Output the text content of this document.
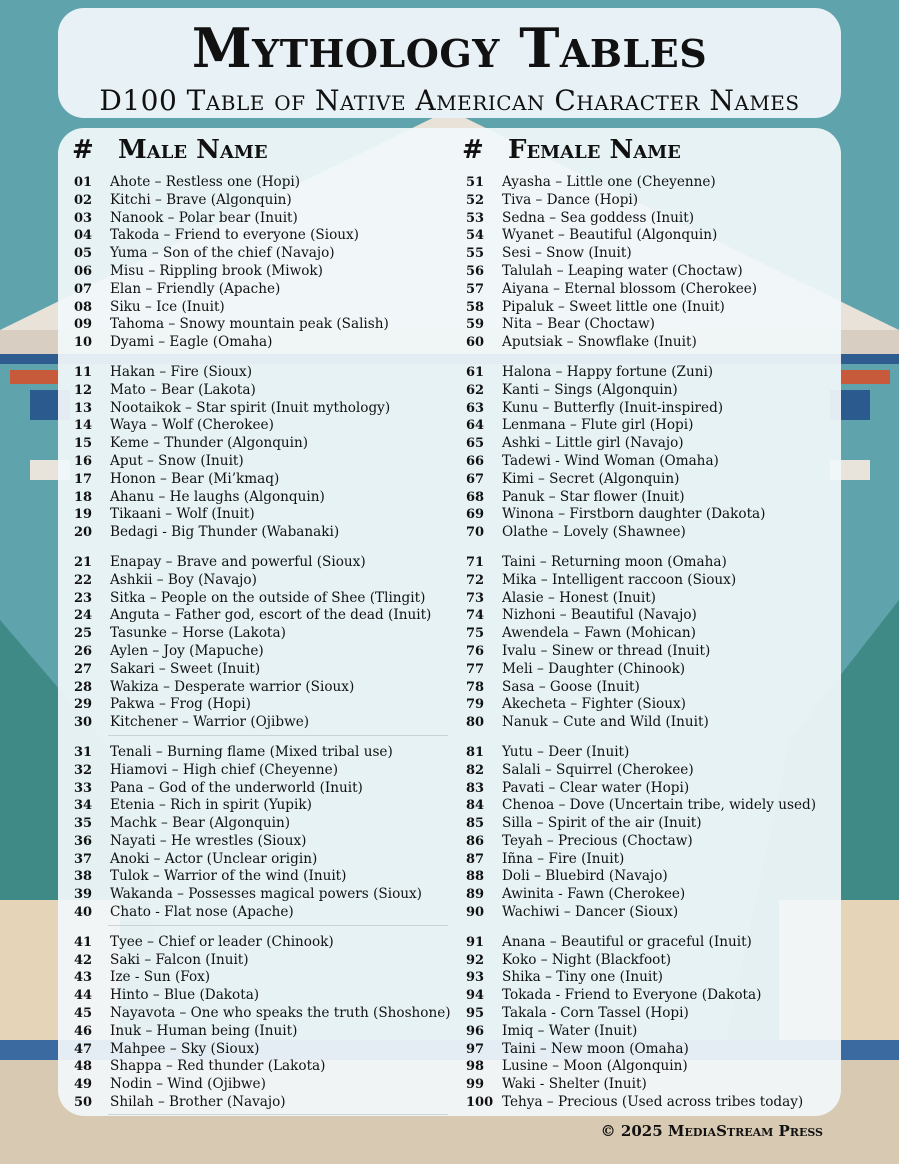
Mythology Tables
D100 Table of Native American Character Names
# Male Name	# Female Name
01 Ahote – Restless one (Hopi)
02 Kitchi – Brave (Algonquin)
03 Nanook – Polar bear (Inuit)
04 Takoda – Friend to everyone (Sioux)
05 Yuma – Son of the chief (Navajo)
06 Misu – Rippling brook (Miwok)
07 Elan – Friendly (Apache)
08 Siku – Ice (Inuit)
09 Tahoma – Snowy mountain peak (Salish)
10 Dyami – Eagle (Omaha)
11 Hakan – Fire (Sioux)
12 Mato – Bear (Lakota)
13 Nootaikok – Star spirit (Inuit mythology)
14 Waya – Wolf (Cherokee)
15 Keme – Thunder (Algonquin)
16 Aput – Snow (Inuit)
17 Honon – Bear (Mi’kmaq)
18 Ahanu – He laughs (Algonquin)
19 Tikaani – Wolf (Inuit)
20 Bedagi - Big Thunder (Wabanaki)
21 Enapay – Brave and powerful (Sioux)
22 Ashkii – Boy (Navajo)
23 Sitka – People on the outside of Shee (Tlingit)
24 Anguta – Father god, escort of the dead (Inuit)
25 Tasunke – Horse (Lakota)
26 Aylen – Joy (Mapuche)
27 Sakari – Sweet (Inuit)
28 Wakiza – Desperate warrior (Sioux)
29 Pakwa – Frog (Hopi)
30 Kitchener – Warrior (Ojibwe)
31 Tenali – Burning flame (Mixed tribal use)
32 Hiamovi – High chief (Cheyenne)
33 Pana – God of the underworld (Inuit)
34 Etenia – Rich in spirit (Yupik)
35 Machk – Bear (Algonquin)
36 Nayati – He wrestles (Sioux)
37 Anoki – Actor (Unclear origin)
38 Tulok – Warrior of the wind (Inuit)
39 Wakanda – Possesses magical powers (Sioux)
40 Chato - Flat nose (Apache)
41 Tyee – Chief or leader (Chinook)
42 Saki – Falcon (Inuit)
43 Ize - Sun (Fox)
44 Hinto – Blue (Dakota)
45 Nayavota – One who speaks the truth (Shoshone)
46 Inuk – Human being (Inuit)
47 Mahpee – Sky (Sioux)
48 Shappa – Red thunder (Lakota)
49 Nodin – Wind (Ojibwe)
50 Shilah – Brother (Navajo)
51 Ayasha – Little one (Cheyenne)
52 Tiva – Dance (Hopi)
53 Sedna – Sea goddess (Inuit)
54 Wyanet – Beautiful (Algonquin)
55 Sesi – Snow (Inuit)
56 Talulah – Leaping water (Choctaw)
57 Aiyana – Eternal blossom (Cherokee)
58 Pipaluk – Sweet little one (Inuit)
59 Nita – Bear (Choctaw)
60 Aputsiak – Snowflake (Inuit)
61 Halona – Happy fortune (Zuni)
62 Kanti – Sings (Algonquin)
63 Kunu – Butterfly (Inuit-inspired)
64 Lenmana – Flute girl (Hopi)
65 Ashki – Little girl (Navajo)
66 Tadewi - Wind Woman (Omaha)
67 Kimi – Secret (Algonquin)
68 Panuk – Star flower (Inuit)
69 Winona – Firstborn daughter (Dakota)
70 Olathe – Lovely (Shawnee)
71 Taini – Returning moon (Omaha)
72 Mika – Intelligent raccoon (Sioux)
73 Alasie – Honest (Inuit)
74 Nizhoni – Beautiful (Navajo)
75 Awendela – Fawn (Mohican)
76 Ivalu – Sinew or thread (Inuit)
77 Meli – Daughter (Chinook)
78 Sasa – Goose (Inuit)
79 Akecheta – Fighter (Sioux)
80 Nanuk – Cute and Wild (Inuit)
81 Yutu – Deer (Inuit)
82 Salali – Squirrel (Cherokee)
83 Pavati – Clear water (Hopi)
84 Chenoa – Dove (Uncertain tribe, widely used)
85 Silla – Spirit of the air (Inuit)
86 Teyah – Precious (Choctaw)
87 Iñna – Fire (Inuit)
88 Doli – Bluebird (Navajo)
89 Awinita - Fawn (Cherokee)
90 Wachiwi – Dancer (Sioux)
91 Anana – Beautiful or graceful (Inuit)
92 Koko – Night (Blackfoot)
93 Shika – Tiny one (Inuit)
94 Tokada - Friend to Everyone (Dakota)
95 Takala - Corn Tassel (Hopi)
96 Imiq – Water (Inuit)
97 Taini – New moon (Omaha)
98 Lusine – Moon (Algonquin)
99 Waki - Shelter (Inuit)
100 Tehya – Precious (Used across tribes today)
© 2025 MediaStream Press
